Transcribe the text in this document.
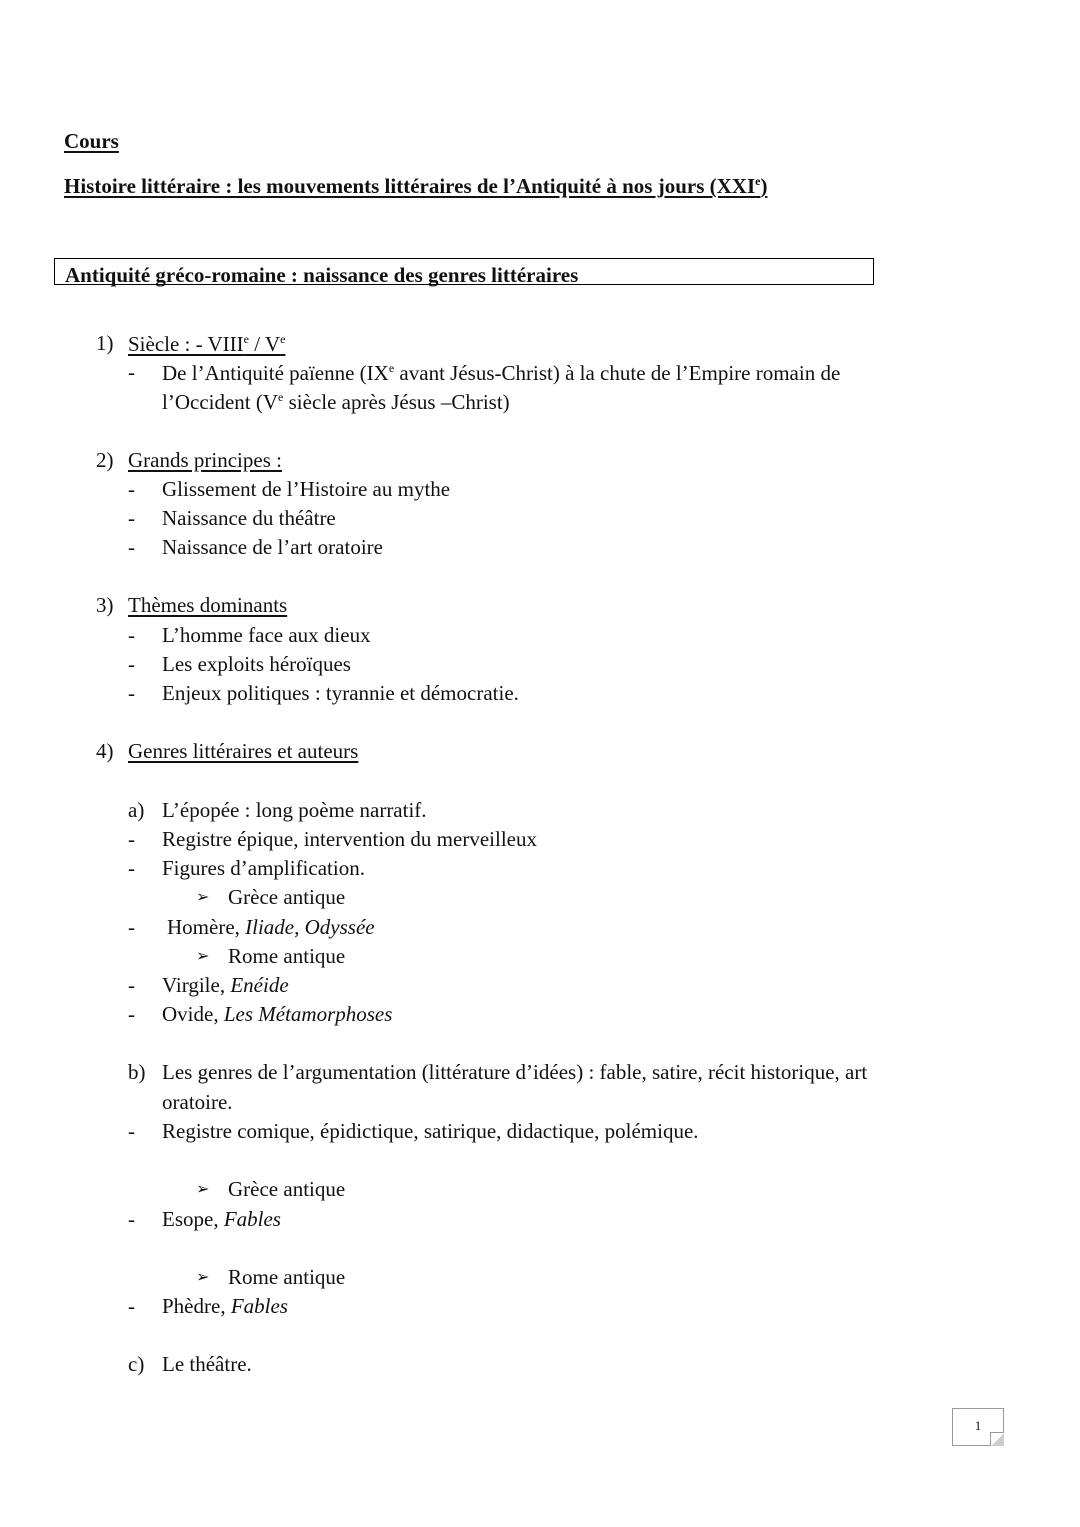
Cours
Histoire littéraire : les mouvements littéraires de l’Antiquité à nos jours (XXIe)
Antiquité gréco-romaine : naissance des genres littéraires
1) Siècle : - VIIIe / Ve
- De l’Antiquité païenne (IXe avant Jésus-Christ) à la chute de l’Empire romain de
l’Occident (Ve siècle après Jésus –Christ)
2) Grands principes :
- Glissement de l’Histoire au mythe
- Naissance du théâtre
- Naissance de l’art oratoire
3) Thèmes dominants
- L’homme face aux dieux
- Les exploits héroïques
- Enjeux politiques : tyrannie et démocratie.
4) Genres littéraires et auteurs
a) L’épopée : long poème narratif.
- Registre épique, intervention du merveilleux
- Figures d’amplification.
➢ Grèce antique
- Homère, Iliade, Odyssée
➢ Rome antique
- Virgile, Enéide
- Ovide, Les Métamorphoses
b) Les genres de l’argumentation (littérature d’idées) : fable, satire, récit historique, art
oratoire.
- Registre comique, épidictique, satirique, didactique, polémique.
➢ Grèce antique
- Esope, Fables
➢ Rome antique
- Phèdre, Fables
c) Le théâtre.
1
